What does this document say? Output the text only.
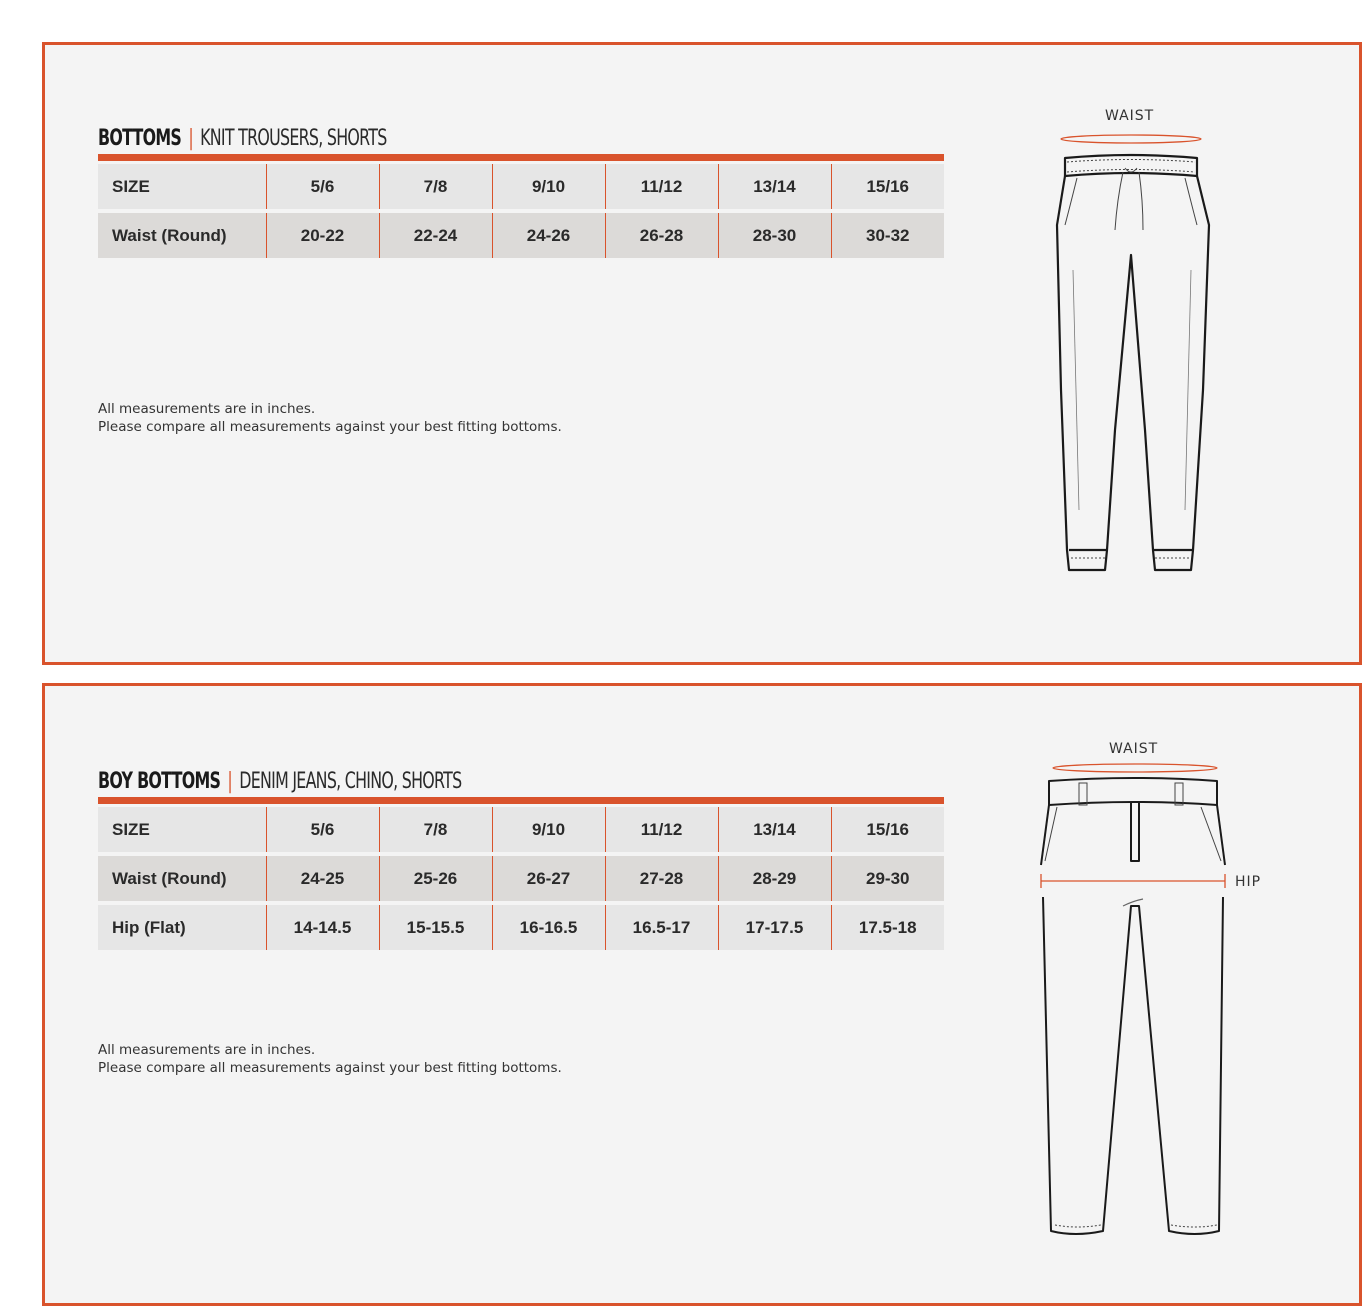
BOTTOMS | KNIT TROUSERS, SHORTS
SIZE	5/6	7/8	9/10	11/12	13/14	15/16
Waist (Round)	20-22	22-24	24-26	26-28	28-30	30-32
All measurements are in inches.
Please compare all measurements against your best fitting bottoms.
WAIST
BOY BOTTOMS | DENIM JEANS, CHINO, SHORTS
SIZE	5/6	7/8	9/10	11/12	13/14	15/16
Waist (Round)	24-25	25-26	26-27	27-28	28-29	29-30
Hip (Flat)	14-14.5	15-15.5	16-16.5	16.5-17	17-17.5	17.5-18
All measurements are in inches.
Please compare all measurements against your best fitting bottoms.
WAIST
HIP
